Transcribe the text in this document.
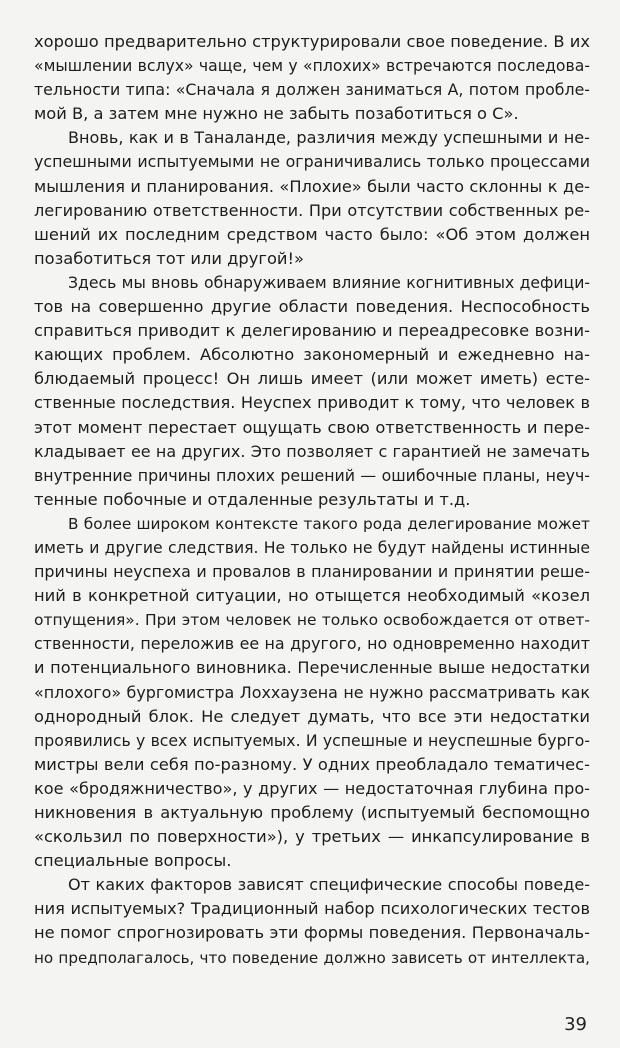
хорошо предварительно структурировали свое поведение. В их
«мышлении вслух» чаще, чем у «плохих» встречаются последова-
тельности типа: «Сначала я должен заниматься А, потом пробле-
мой В, а затем мне нужно не забыть позаботиться о С».
Вновь, как и в Таналанде, различия между успешными и не-
успешными испытуемыми не ограничивались только процессами
мышления и планирования. «Плохие» были часто склонны к де-
легированию ответственности. При отсутствии собственных ре-
шений их последним средством часто было: «Об этом должен
позаботиться тот или другой!»
Здесь мы вновь обнаруживаем влияние когнитивных дефици-
тов на совершенно другие области поведения. Неспособность
справиться приводит к делегированию и переадресовке возни-
кающих проблем. Абсолютно закономерный и ежедневно на-
блюдаемый процесс! Он лишь имеет (или может иметь) есте-
ственные последствия. Неуспех приводит к тому, что человек в
этот момент перестает ощущать свою ответственность и пере-
кладывает ее на других. Это позволяет с гарантией не замечать
внутренние причины плохих решений — ошибочные планы, неуч-
тенные побочные и отдаленные результаты и т.д.
В более широком контексте такого рода делегирование может
иметь и другие следствия. Не только не будут найдены истинные
причины неуспеха и провалов в планировании и принятии реше-
ний в конкретной ситуации, но отыщется необходимый «козел
отпущения». При этом человек не только освобождается от ответ-
ственности, переложив ее на другого, но одновременно находит
и потенциального виновника. Перечисленные выше недостатки
«плохого» бургомистра Лоххаузена не нужно рассматривать как
однородный блок. Не следует думать, что все эти недостатки
проявились у всех испытуемых. И успешные и неуспешные бурго-
мистры вели себя по-разному. У одних преобладало тематичес-
кое «бродяжничество», у других — недостаточная глубина про-
никновения в актуальную проблему (испытуемый беспомощно
«скользил по поверхности»), у третьих — инкапсулирование в
специальные вопросы.
От каких факторов зависят специфические способы поведе-
ния испытуемых? Традиционный набор психологических тестов
не помог спрогнозировать эти формы поведения. Первоначаль-
но предполагалось, что поведение должно зависеть от интеллекта,
39
